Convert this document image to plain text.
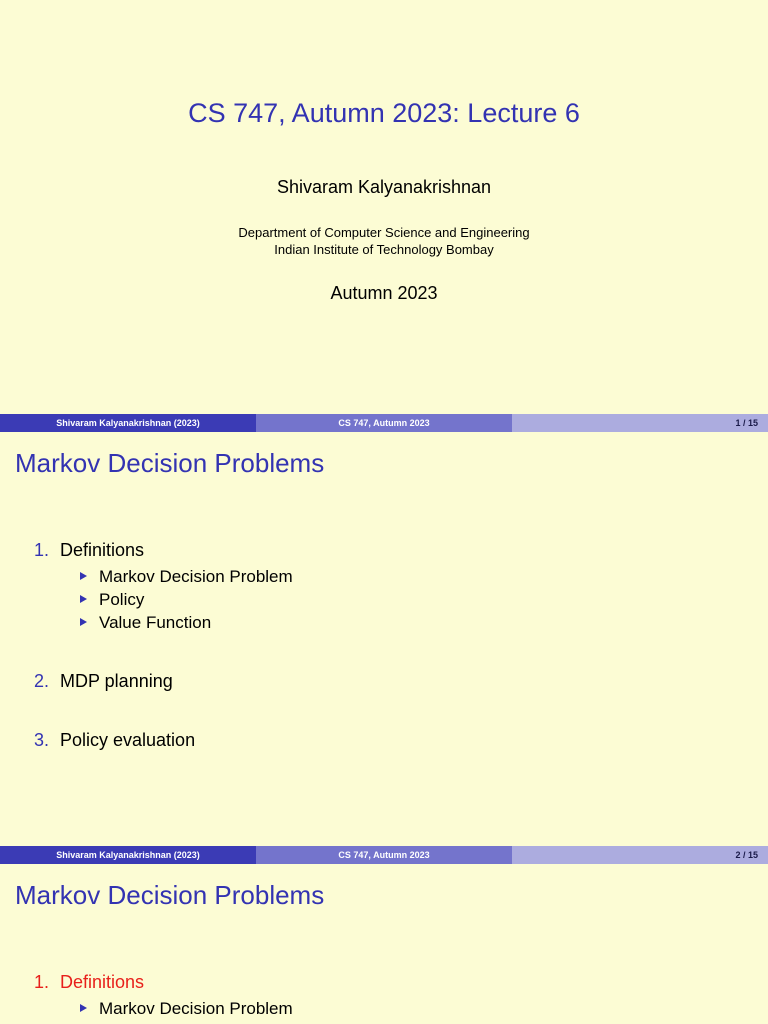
CS 747, Autumn 2023: Lecture 6
Shivaram Kalyanakrishnan
Department of Computer Science and Engineering
Indian Institute of Technology Bombay
Autumn 2023
Shivaram Kalyanakrishnan (2023)	CS 747, Autumn 2023	1 / 15
Markov Decision Problems
1. Definitions
Markov Decision Problem
Policy
Value Function
2. MDP planning
3. Policy evaluation
Shivaram Kalyanakrishnan (2023)	CS 747, Autumn 2023	2 / 15
Markov Decision Problems
1. Definitions
Markov Decision Problem
